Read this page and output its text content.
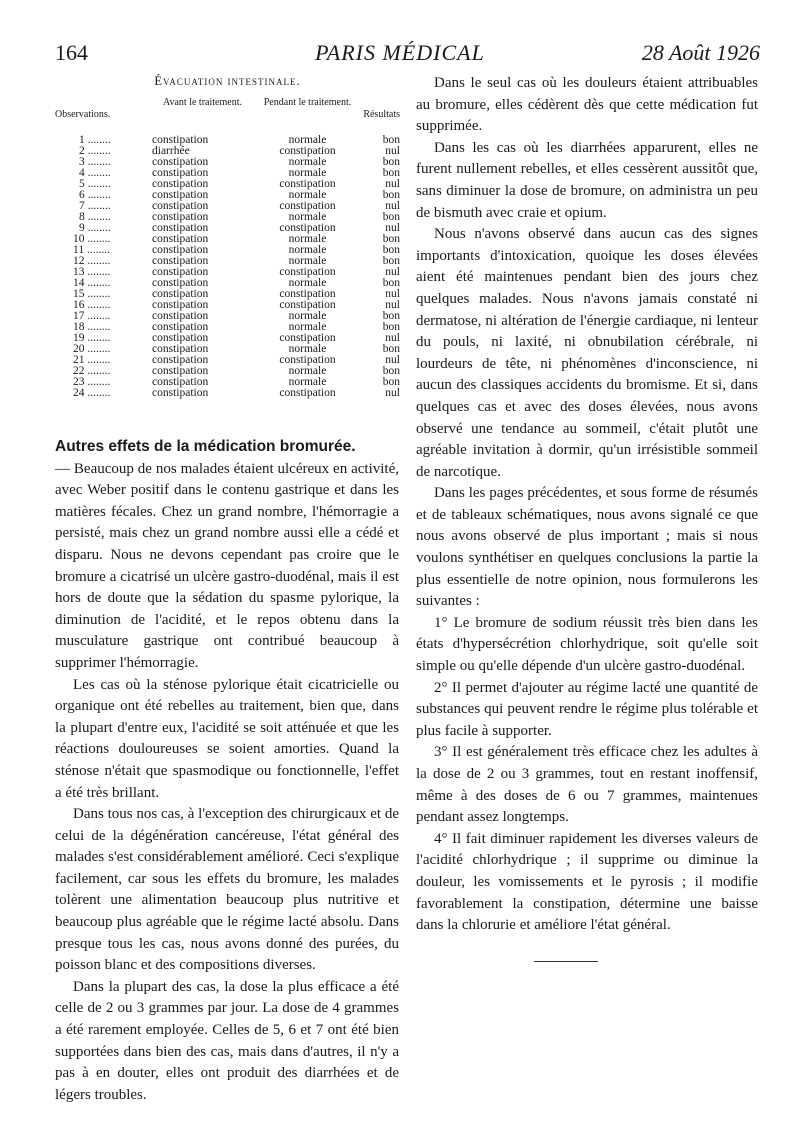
164	PARIS MÉDICAL	28 Août 1926
Évacuation intestinale.
Observations.
Avant le traitement.	Pendant le traitement.
Résultats
1 ........	constipation	normale	bon
2 ........	diarrhée	constipation	nul
3 ........	constipation	normale	bon
4 ........	constipation	normale	bon
5 ........	constipation	constipation	nul
6 ........	constipation	normale	bon
7 ........	constipation	constipation	nul
8 ........	constipation	normale	bon
9 ........	constipation	constipation	nul
10 ........	constipation	normale	bon
11 ........	constipation	normale	bon
12 ........	constipation	normale	bon
13 ........	constipation	constipation	nul
14 ........	constipation	normale	bon
15 ........	constipation	constipation	nul
16 ........	constipation	constipation	nul
17 ........	constipation	normale	bon
18 ........	constipation	normale	bon
19 ........	constipation	constipation	nul
20 ........	constipation	normale	bon
21 ........	constipation	constipation	nul
22 ........	constipation	normale	bon
23 ........	constipation	normale	bon
24 ........	constipation	constipation	nul

Autres effets de la médication bromurée.
— Beaucoup de nos malades étaient ulcéreux en activité, avec Weber positif dans le contenu gastrique et dans les matières fécales. Chez un grand nombre, l'hémorragie a persisté, mais chez un grand nombre aussi elle a cédé et disparu. Nous ne devons cependant pas croire que le bromure a cicatrisé un ulcère gastro-duodénal, mais il est hors de doute que la sédation du spasme pylorique, la diminution de l'acidité, et le repos obtenu dans la musculature gastrique ont contribué beaucoup à supprimer l'hémorragie.

Les cas où la sténose pylorique était cicatricielle ou organique ont été rebelles au traitement, bien que, dans la plupart d'entre eux, l'acidité se soit atténuée et que les réactions douloureuses se soient amorties. Quand la sténose n'était que spasmodique ou fonctionnelle, l'effet a été très brillant.

Dans tous nos cas, à l'exception des chirurgicaux et de celui de la dégénération cancéreuse, l'état général des malades s'est considérablement amélioré. Ceci s'explique facilement, car sous les effets du bromure, les malades tolèrent une alimentation beaucoup plus nutritive et beaucoup plus agréable que le régime lacté absolu. Dans presque tous les cas, nous avons donné des purées, du poisson blanc et des compositions diverses.

Dans la plupart des cas, la dose la plus efficace a été celle de 2 ou 3 grammes par jour. La dose de 4 grammes a été rarement employée. Celles de 5, 6 et 7 ont été bien supportées dans bien des cas, mais dans d'autres, il n'y a pas à en douter, elles ont produit des diarrhées et de légers troubles.

Dans le seul cas où les douleurs étaient attribuables au bromure, elles cédèrent dès que cette médication fut supprimée.

Dans les cas où les diarrhées apparurent, elles ne furent nullement rebelles, et elles cessèrent aussitôt que, sans diminuer la dose de bromure, on administra un peu de bismuth avec craie et opium.

Nous n'avons observé dans aucun cas des signes importants d'intoxication, quoique les doses élevées aient été maintenues pendant bien des jours chez quelques malades. Nous n'avons jamais constaté ni dermatose, ni altération de l'énergie cardiaque, ni lenteur du pouls, ni laxité, ni obnubilation cérébrale, ni lourdeurs de tête, ni phénomènes d'inconscience, ni aucun des classiques accidents du bromisme. Et si, dans quelques cas et avec des doses élevées, nous avons observé une tendance au sommeil, c'était plutôt une agréable invitation à dormir, qu'un irrésistible sommeil de narcotique.

Dans les pages précédentes, et sous forme de résumés et de tableaux schématiques, nous avons signalé ce que nous avons observé de plus important ; mais si nous voulons synthétiser en quelques conclusions la partie la plus essentielle de notre opinion, nous formulerons les suivantes :

1° Le bromure de sodium réussit très bien dans les états d'hypersécrétion chlorhydrique, soit qu'elle soit simple ou qu'elle dépende d'un ulcère gastro-duodénal.

2° Il permet d'ajouter au régime lacté une quantité de substances qui peuvent rendre le régime plus tolérable et plus facile à supporter.

3° Il est généralement très efficace chez les adultes à la dose de 2 ou 3 grammes, tout en restant inoffensif, même à des doses de 6 ou 7 grammes, maintenues pendant assez longtemps.

4° Il fait diminuer rapidement les diverses valeurs de l'acidité chlorhydrique ; il supprime ou diminue la douleur, les vomissements et le pyrosis ; il modifie favorablement la constipation, détermine une baisse dans la chlorurie et améliore l'état général.
